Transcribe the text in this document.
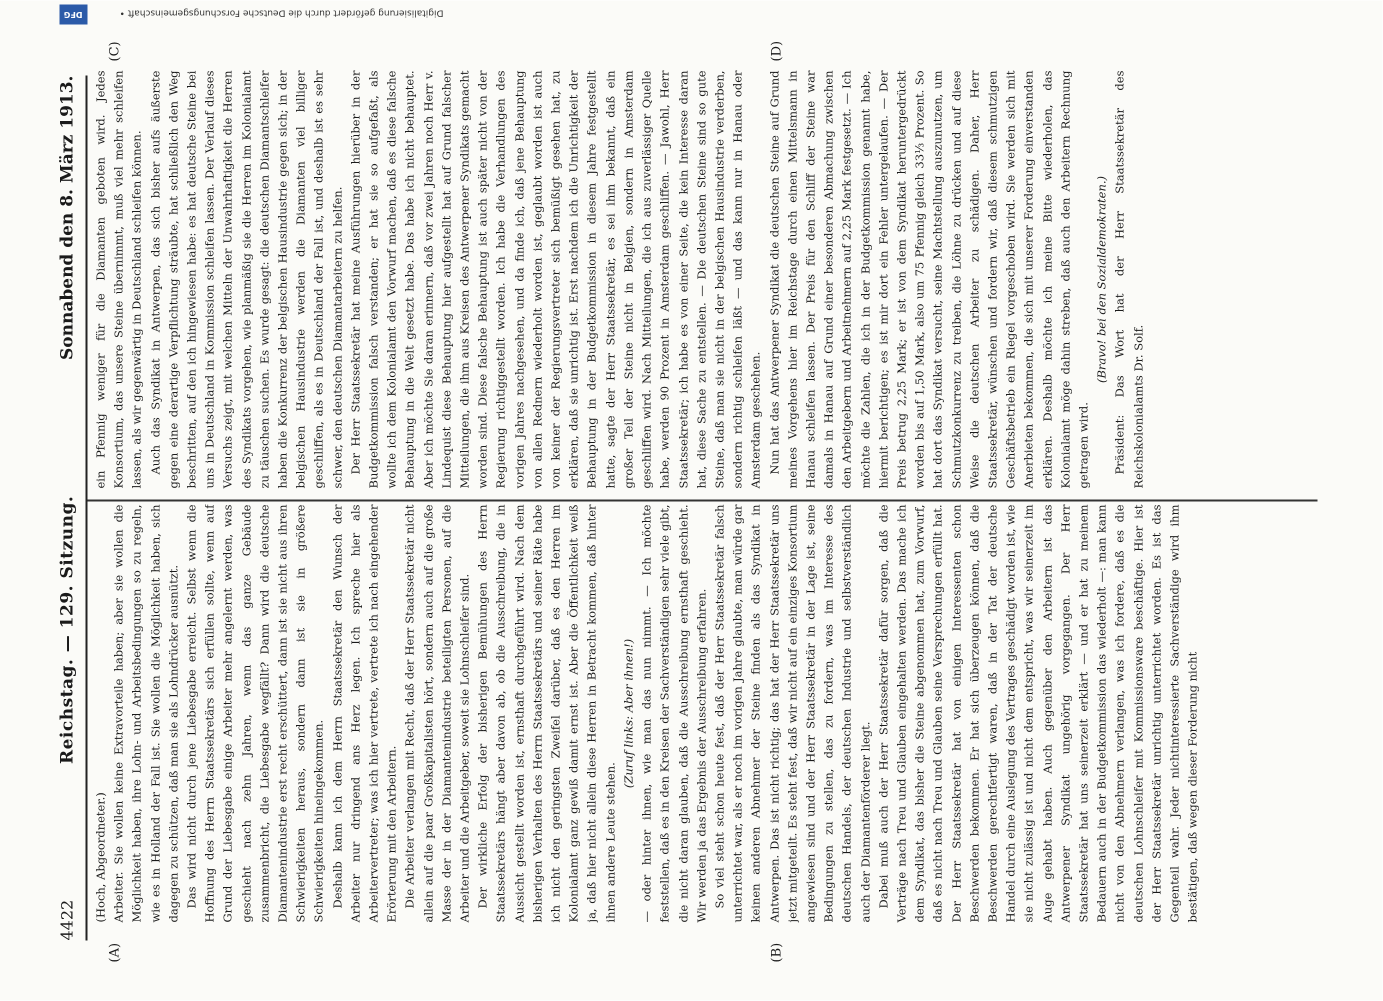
4422
Reichstag. — 129. Sitzung.
Sonnabend den 8. März 1913.
(A)	(B)
(C)	(D)

(Hoch, Abgeordneter.) Arbeiter. Sie wollen keine Extravorteile haben; aber sie wollen die Möglichkeit haben, ihre Lohn- und Arbeitsbedingungen so zu regeln, wie es in Holland der Fall ist. Sie wollen die Möglichkeit haben, sich dagegen zu schützen, daß man sie als Lohndrücker ausnützt. Das wird nicht durch jene Liebesgabe erreicht. Selbst wenn die Hoffnung des Herrn Staatssekretärs sich erfüllen sollte, wenn auf Grund der Liebesgabe einige Arbeiter mehr angelernt werden, was geschieht nach zehn Jahren, wenn das ganze Gebäude zusammenbricht, die Liebesgabe wegfällt? Dann wird die deutsche Diamantenindustrie erst recht erschüttert, dann ist sie nicht aus ihren Schwierigkeiten heraus, sondern dann ist sie in größere Schwierigkeiten hineingekommen. Deshalb kann ich dem Herrn Staatssekretär den Wunsch der Arbeiter nur dringend ans Herz legen. Ich spreche hier als Arbeitervertreter; was ich hier vertrete, vertrete ich nach eingehender Erörterung mit den Arbeitern. Die Arbeiter verlangen mit Recht, daß der Herr Staatssekretär nicht allein auf die paar Großkapitalisten hört, sondern auch auf die große Masse der in der Diamantenindustrie beteiligten Personen, auf die Arbeiter und die Arbeitgeber, soweit sie Lohnschleifer sind. Der wirkliche Erfolg der bisherigen Bemühungen des Herrn Staatssekretärs hängt aber davon ab, ob die Ausschreibung, die in Aussicht gestellt worden ist, ernsthaft durchgeführt wird. Nach dem bisherigen Verhalten des Herrn Staatssekretärs und seiner Räte habe ich nicht den geringsten Zweifel darüber, daß es den Herren im Kolonialamt ganz gewiß damit ernst ist. Aber die Öffentlichkeit weiß ja, daß hier nicht allein diese Herren in Betracht kommen, daß hinter ihnen andere Leute stehen.

(Zuruf links: Aber ihnen!) — oder hinter ihnen, wie man das nun nimmt. — Ich möchte feststellen, daß es in den Kreisen der Sachverständigen sehr viele gibt, die nicht daran glauben, daß die Ausschreibung ernsthaft geschieht. Wir werden ja das Ergebnis der Ausschreibung erfahren. So viel steht schon heute fest, daß der Herr Staatssekretär falsch unterrichtet war, als er noch im vorigen Jahre glaubte, man würde gar keinen anderen Abnehmer der Steine finden als das Syndikat in Antwerpen. Das ist nicht richtig; das hat der Herr Staatssekretär uns jetzt mitgeteilt. Es steht fest, daß wir nicht auf ein einziges Konsortium angewiesen sind und der Herr Staatssekretär in der Lage ist, seine Bedingungen zu stellen, das zu fordern, was im Interesse des deutschen Handels, der deutschen Industrie und selbstverständlich auch der Diamantenförderer liegt. Dabei muß auch der Herr Staatssekretär dafür sorgen, daß die Verträge nach Treu und Glauben eingehalten werden. Das mache ich dem Syndikat, das bisher die Steine abgenommen hat, zum Vorwurf, daß es nicht nach Treu und Glauben seine Versprechungen erfüllt hat. Der Herr Staatssekretär hat von einigen Interessenten schon Beschwerden bekommen. Er hat sich überzeugen können, daß die Beschwerden gerechtfertigt waren, daß in der Tat der deutsche Handel durch eine Auslegung des Vertrages geschädigt worden ist, wie sie nicht zulässig ist und nicht dem entspricht, was wir seinerzeit im Auge gehabt haben. Auch gegenüber den Arbeitern ist das Antwerpener Syndikat ungehörig vorgegangen. Der Herr Staatssekretär hat uns seinerzeit erklärt — und er hat zu meinem Bedauern auch in der Budgetkommission das wiederholt —: man kann nicht von den Abnehmern verlangen, was ich fordere, daß es die deutschen Lohnschleifer mit Kommissionsware beschäftige. Hier ist der Herr Staatssekretär unrichtig unterrichtet worden. Es ist das Gegenteil wahr. Jeder nichtinteressierte Sachverständige wird ihm bestätigen, daß wegen dieser Forderung nicht

ein Pfennig weniger für die Diamanten geboten wird. Jedes Konsortium, das unsere Steine übernimmt, muß viel mehr schleifen lassen, als wir gegenwärtig in Deutschland schleifen können. Auch das Syndikat in Antwerpen, das sich bisher aufs äußerste gegen eine derartige Verpflichtung sträubte, hat schließlich den Weg beschritten, auf den ich hingewiesen habe: es hat deutsche Steine bei uns in Deutschland in Kommission schleifen lassen. Der Verlauf dieses Versuchs zeigt, mit welchen Mitteln der Unwahrhaftigkeit die Herren des Syndikats vorgehen, wie planmäßig sie die Herren im Kolonialamt zu täuschen suchen. Es wurde gesagt: die deutschen Diamantschleifer haben die Konkurrenz der belgischen Hausindustrie gegen sich; in der belgischen Hausindustrie werden die Diamanten viel billiger geschliffen, als es in Deutschland der Fall ist, und deshalb ist es sehr schwer, den deutschen Diamantarbeitern zu helfen. Der Herr Staatssekretär hat meine Ausführungen hierüber in der Budgetkommission falsch verstanden; er hat sie so aufgefaßt, als wollte ich dem Kolonialamt den Vorwurf machen, daß es diese falsche Behauptung in die Welt gesetzt habe. Das habe ich nicht behauptet. Aber ich möchte Sie daran erinnern, daß vor zwei Jahren noch Herr v. Lindequist diese Behauptung hier aufgestellt hat auf Grund falscher Mitteilungen, die ihm aus Kreisen des Antwerpener Syndikats gemacht worden sind. Diese falsche Behauptung ist auch später nicht von der Regierung richtiggestellt worden. Ich habe die Verhandlungen des vorigen Jahres nachgesehen, und da finde ich, daß jene Behauptung von allen Rednern wiederholt worden ist, geglaubt worden ist auch von keiner der Regierungsvertreter sich bemüßigt gesehen hat, zu erklären, daß sie unrichtig ist. Erst nachdem ich die Unrichtigkeit der Behauptung in der Budgetkommission in diesem Jahre festgestellt hatte, sagte der Herr Staatssekretär, es sei ihm bekannt, daß ein großer Teil der Steine nicht in Belgien, sondern in Amsterdam geschliffen wird. Nach Mitteilungen, die ich aus zuverlässiger Quelle habe, werden 90 Prozent in Amsterdam geschliffen. — Jawohl, Herr Staatssekretär; ich habe es von einer Seite, die kein Interesse daran hat, diese Sache zu entstellen. — Die deutschen Steine sind so gute Steine, daß man sie nicht in der belgischen Hausindustrie verderben, sondern richtig schleifen läßt — und das kann nur in Hanau oder Amsterdam geschehen. Nun hat das Antwerpener Syndikat die deutschen Steine auf Grund meines Vorgehens hier im Reichstage durch einen Mittelsmann in Hanau schleifen lassen. Der Preis für den Schliff der Steine war damals in Hanau auf Grund einer besonderen Abmachung zwischen den Arbeitgebern und Arbeitnehmern auf 2,25 Mark festgesetzt. — Ich möchte die Zahlen, die ich in der Budgetkommission genannt habe, hiermit berichtigen; es ist mir dort ein Fehler untergelaufen. — Der Preis betrug 2,25 Mark; er ist von dem Syndikat heruntergedrückt worden bis auf 1,50 Mark, also um 75 Pfennig gleich 33⅓ Prozent. So hat dort das Syndikat versucht, seine Machtstellung auszunutzen, um Schmutzkonkurrenz zu treiben, die Löhne zu drücken und auf diese Weise die deutschen Arbeiter zu schädigen. Daher, Herr Staatssekretär, wünschen und fordern wir, daß diesem schmutzigen Geschäftsbetrieb ein Riegel vorgeschoben wird. Sie werden sich mit Anerbieten bekommen, die sich mit unserer Forderung einverstanden erklären. Deshalb möchte ich meine Bitte wiederholen, das Kolonialamt möge dahin streben, daß auch den Arbeitern Rechnung getragen wird.

(Bravo! bei den Sozialdemokraten.) Präsident: Das Wort hat der Herr Staatssekretär des Reichskolonialamts Dr. Solf.

Digitalisierung gefördert durch die Deutsche Forschungsgemeinschaft •
DFG
